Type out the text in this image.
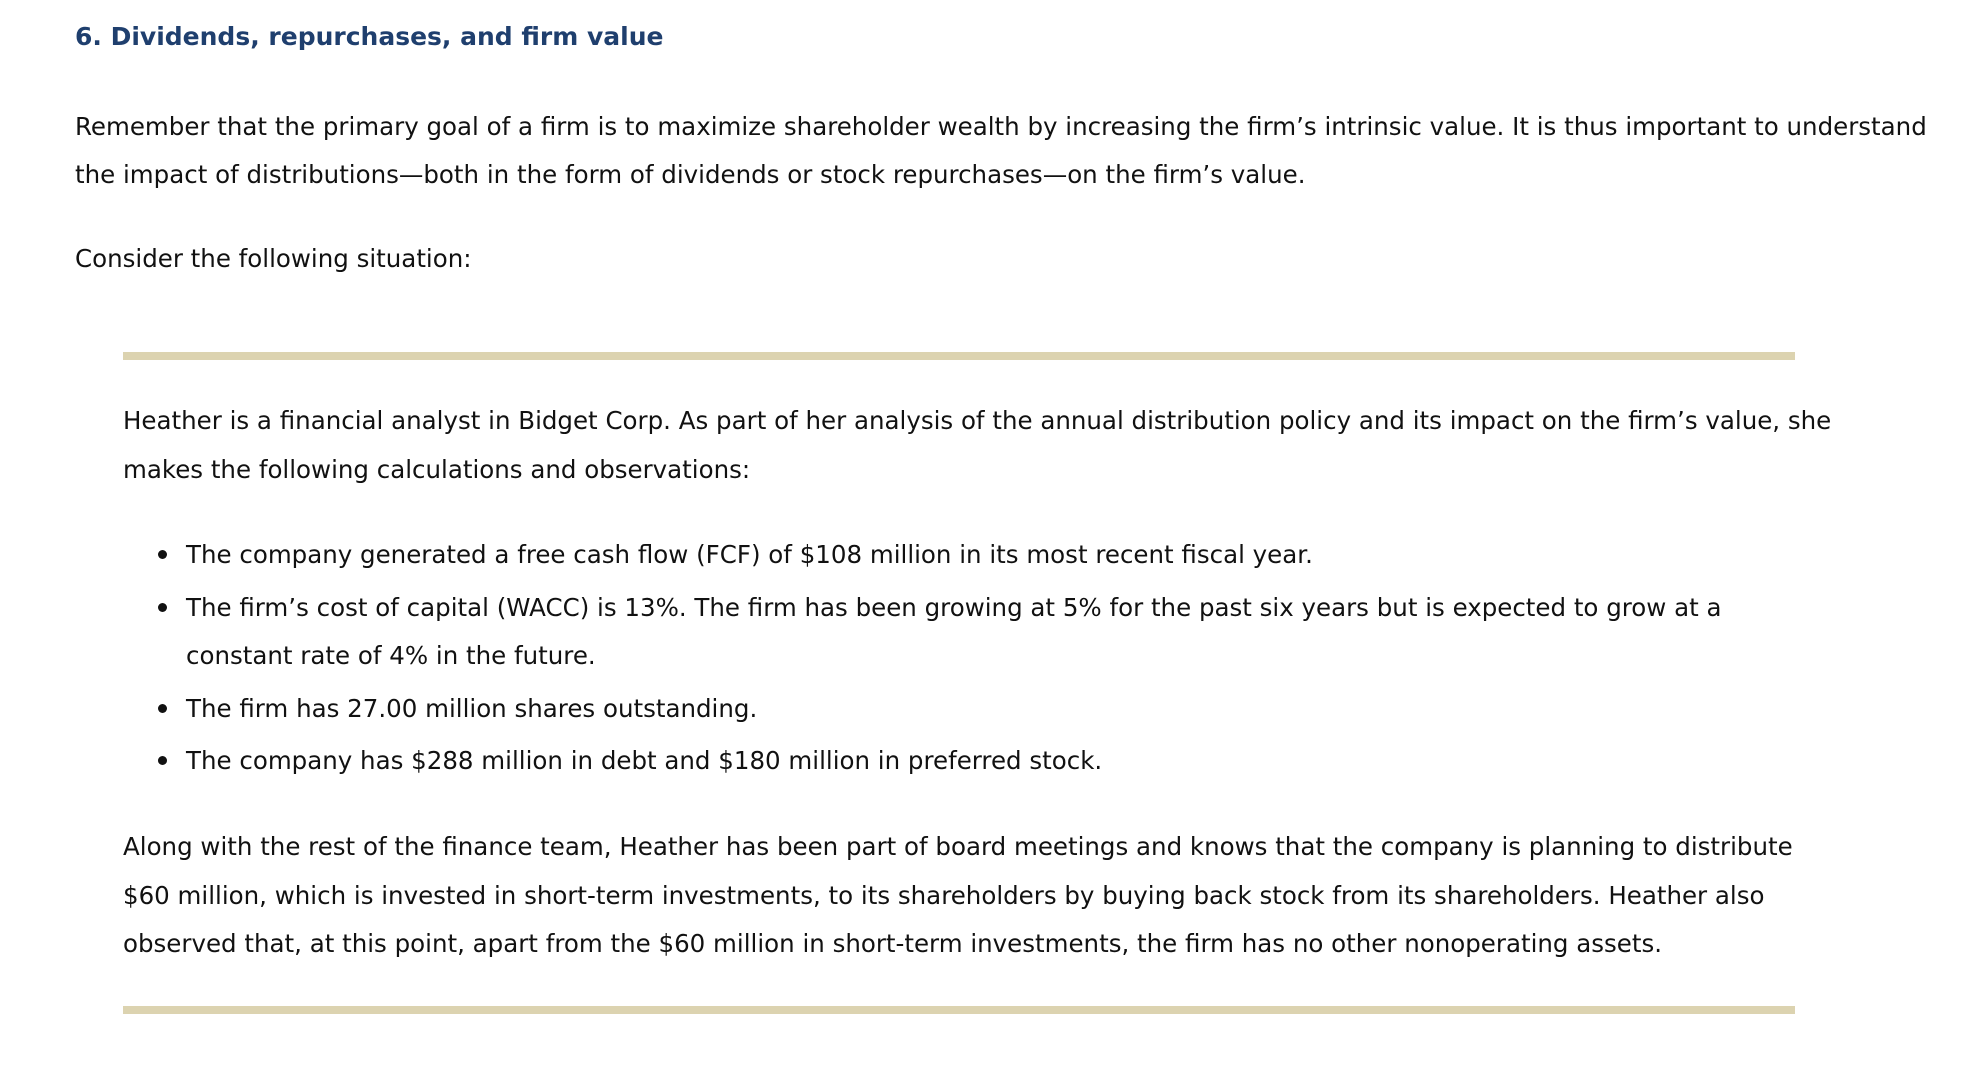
6. Dividends, repurchases, and firm value

Remember that the primary goal of a firm is to maximize shareholder wealth by increasing the firm’s intrinsic value. It is thus important to understand the impact of distributions—both in the form of dividends or stock repurchases—on the firm’s value.

Consider the following situation:

Heather is a financial analyst in Bidget Corp. As part of her analysis of the annual distribution policy and its impact on the firm’s value, she makes the following calculations and observations:

The company generated a free cash flow (FCF) of $108 million in its most recent fiscal year.
The firm’s cost of capital (WACC) is 13%. The firm has been growing at 5% for the past six years but is expected to grow at a constant rate of 4% in the future.
The firm has 27.00 million shares outstanding.
The company has $288 million in debt and $180 million in preferred stock.

Along with the rest of the finance team, Heather has been part of board meetings and knows that the company is planning to distribute $60 million, which is invested in short-term investments, to its shareholders by buying back stock from its shareholders. Heather also observed that, at this point, apart from the $60 million in short-term investments, the firm has no other nonoperating assets.
